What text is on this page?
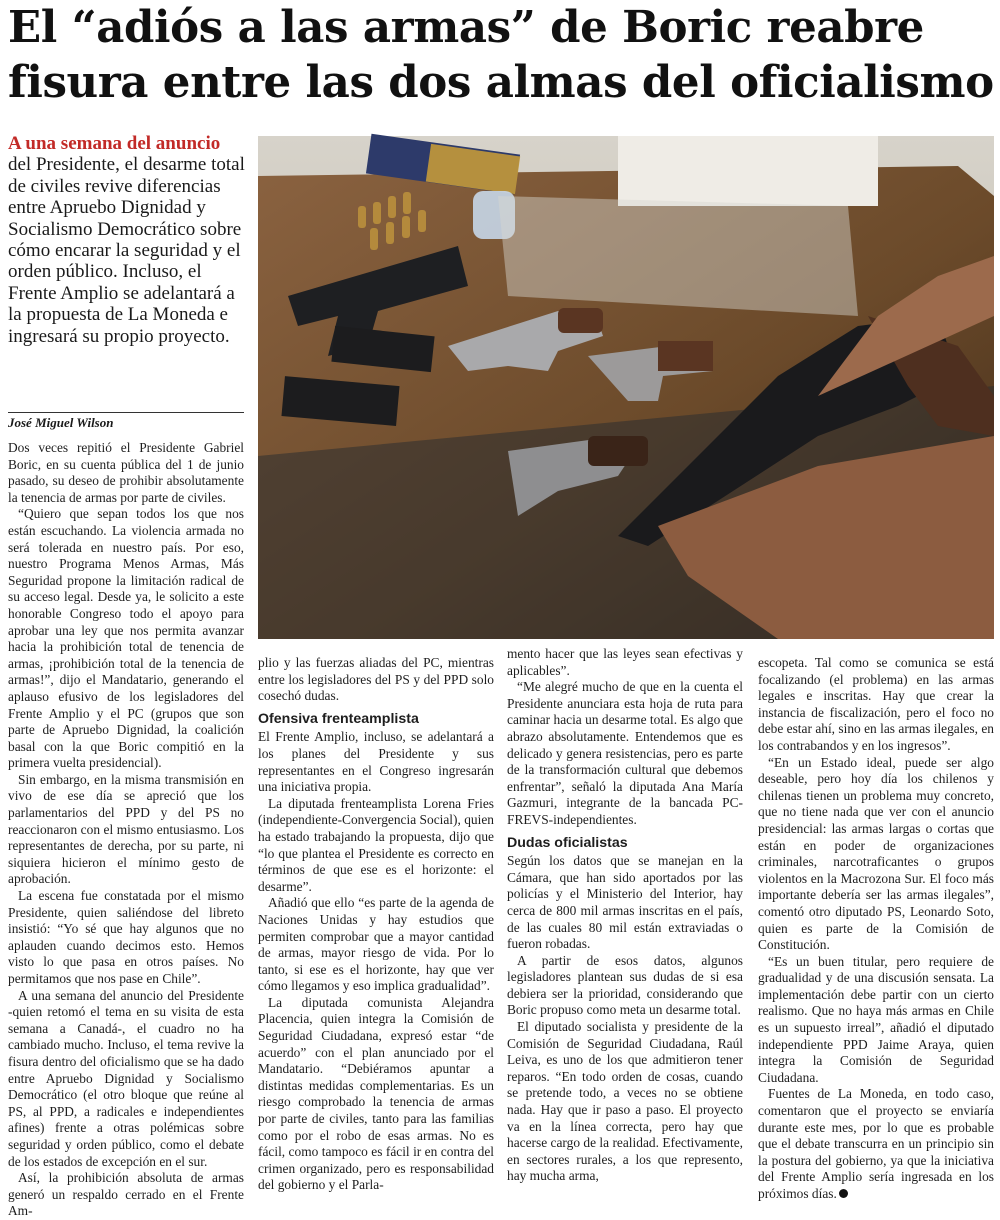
El “adiós a las armas” de Boric reabre
fisura entre las dos almas del oficialismo
A una semana del anuncio del Presidente, el desarme total de civiles revive diferencias entre Apruebo Dignidad y Socialismo Democrático sobre cómo encarar la seguridad y el orden público. Incluso, el Frente Amplio se adelantará a la propuesta de La Moneda e ingresará su propio proyecto.
José Miguel Wilson

Dos veces repitió el Presidente Gabriel Boric, en su cuenta pública del 1 de junio pasado, su deseo de prohibir absolutamente la tenencia de armas por parte de civiles.

“Quiero que sepan todos los que nos están escuchando. La violencia armada no será tolerada en nuestro país. Por eso, nuestro Programa Menos Armas, Más Seguridad propone la limitación radical de su acceso legal. Desde ya, le solicito a este honorable Congreso todo el apoyo para aprobar una ley que nos permita avanzar hacia la prohibición total de tenencia de armas, ¡prohibición total de la tenencia de armas!”, dijo el Mandatario, generando el aplauso efusivo de los legisladores del Frente Amplio y el PC (grupos que son parte de Apruebo Dignidad, la coalición basal con la que Boric compitió en la primera vuelta presidencial).

Sin embargo, en la misma transmisión en vivo de ese día se apreció que los parlamentarios del PPD y del PS no reaccionaron con el mismo entusiasmo. Los representantes de derecha, por su parte, ni siquiera hicieron el mínimo gesto de aprobación.

La escena fue constatada por el mismo Presidente, quien saliéndose del libreto insistió: “Yo sé que hay algunos que no aplauden cuando decimos esto. Hemos visto lo que pasa en otros países. No permitamos que nos pase en Chile”.

A una semana del anuncio del Presidente -quien retomó el tema en su visita de esta semana a Canadá-, el cuadro no ha cambiado mucho. Incluso, el tema revive la fisura dentro del oficialismo que se ha dado entre Apruebo Dignidad y Socialismo Democrático (el otro bloque que reúne al PS, al PPD, a radicales e independientes afines) frente a otras polémicas sobre seguridad y orden público, como el debate de los estados de excepción en el sur.

Así, la prohibición absoluta de armas generó un respaldo cerrado en el Frente Am-

plio y las fuerzas aliadas del PC, mientras entre los legisladores del PS y del PPD solo cosechó dudas.

Ofensiva frenteamplista

El Frente Amplio, incluso, se adelantará a los planes del Presidente y sus representantes en el Congreso ingresarán una iniciativa propia.

La diputada frenteamplista Lorena Fries (independiente-Convergencia Social), quien ha estado trabajando la propuesta, dijo que “lo que plantea el Presidente es correcto en términos de que ese es el horizonte: el desarme”.

Añadió que ello “es parte de la agenda de Naciones Unidas y hay estudios que permiten comprobar que a mayor cantidad de armas, mayor riesgo de vida. Por lo tanto, si ese es el horizonte, hay que ver cómo llegamos y eso implica gradualidad”.

La diputada comunista Alejandra Placencia, quien integra la Comisión de Seguridad Ciudadana, expresó estar “de acuerdo” con el plan anunciado por el Mandatario. “Debiéramos apuntar a distintas medidas complementarias. Es un riesgo comprobado la tenencia de armas por parte de civiles, tanto para las familias como por el robo de esas armas. No es fácil, como tampoco es fácil ir en contra del crimen organizado, pero es responsabilidad del gobierno y el Parla-

mento hacer que las leyes sean efectivas y aplicables”.

“Me alegré mucho de que en la cuenta el Presidente anunciara esta hoja de ruta para caminar hacia un desarme total. Es algo que abrazo absolutamente. Entendemos que es delicado y genera resistencias, pero es parte de la transformación cultural que debemos enfrentar”, señaló la diputada Ana María Gazmuri, integrante de la bancada PC-FREVS-independientes.

Dudas oficialistas

Según los datos que se manejan en la Cámara, que han sido aportados por las policías y el Ministerio del Interior, hay cerca de 800 mil armas inscritas en el país, de las cuales 80 mil están extraviadas o fueron robadas.

A partir de esos datos, algunos legisladores plantean sus dudas de si esa debiera ser la prioridad, considerando que Boric propuso como meta un desarme total.

El diputado socialista y presidente de la Comisión de Seguridad Ciudadana, Raúl Leiva, es uno de los que admitieron tener reparos. “En todo orden de cosas, cuando se pretende todo, a veces no se obtiene nada. Hay que ir paso a paso. El proyecto va en la línea correcta, pero hay que hacerse cargo de la realidad. Efectivamente, en sectores rurales, a los que represento, hay mucha arma,

escopeta. Tal como se comunica se está focalizando (el problema) en las armas legales e inscritas. Hay que crear la instancia de fiscalización, pero el foco no debe estar ahí, sino en las armas ilegales, en los contrabandos y en los ingresos”.

“En un Estado ideal, puede ser algo deseable, pero hoy día los chilenos y chilenas tienen un problema muy concreto, que no tiene nada que ver con el anuncio presidencial: las armas largas o cortas que están en poder de organizaciones criminales, narcotraficantes o grupos violentos en la Macrozona Sur. El foco más importante debería ser las armas ilegales”, comentó otro diputado PS, Leonardo Soto, quien es parte de la Comisión de Constitución.

“Es un buen titular, pero requiere de gradualidad y de una discusión sensata. La implementación debe partir con un cierto realismo. Que no haya más armas en Chile es un supuesto irreal”, añadió el diputado independiente PPD Jaime Araya, quien integra la Comisión de Seguridad Ciudadana.

Fuentes de La Moneda, en todo caso, comentaron que el proyecto se enviaría durante este mes, por lo que es probable que el debate transcurra en un principio sin la postura del gobierno, ya que la iniciativa del Frente Amplio sería ingresada en los próximos días.
